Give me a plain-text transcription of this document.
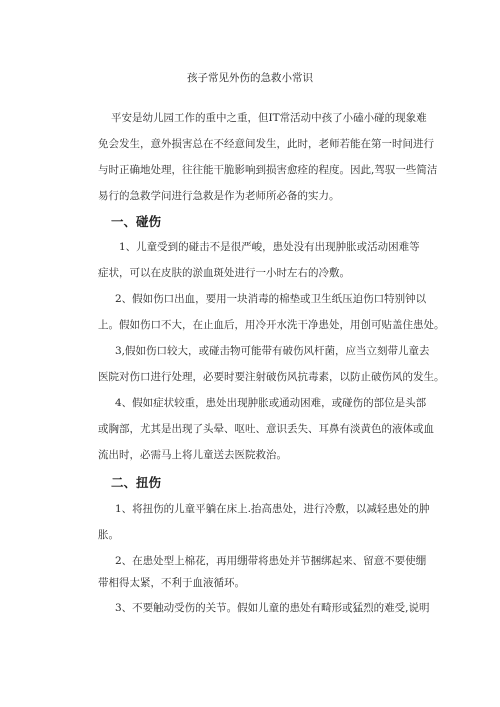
孩子常见外伤的急救小常识
平安是幼儿园工作的重中之重，但IT常活动中孩了小磕小碰的现象难
免会发生，意外损害总在不经意间发生，此时，老师若能在第一时间进行
与时正确地处理，往往能干脆影响到损害愈痊的程度。因此,驾驭一些简洁
易行的急救学问进行急救是作为老师所必备的实力。
一、碰伤
1、儿童受到的碰击不是很严峻，患处没有出现肿胀或活动困难等
症状，可以在皮肤的淤血斑处进行一小时左右的冷敷。
2、假如伤口出血，要用一块消毒的棉垫或卫生纸压迫伤口特别钟以
上。假如伤口不大，在止血后，用冷开水洗干净患处，用创可贴盖住患处。
3,假如伤口较大，或碰击物可能带有破伤风杆菌，应当立刻带儿童去
医院对伤口进行处理，必要时要注射破伤风抗毒素，以防止破伤风的发生。
4、假如症状较重，患处出现肿胀或通动困难，或碰伤的部位是头部
或胸部，尤其是出现了头晕、呕吐、意识丢失、耳鼻有淡黄色的液体或血
流出时，必需马上将儿童送去医院救治。
二、扭伤
1、将扭伤的儿童平躺在床上.抬高患处，进行冷敷，以减轻患处的肿
胀。
2、在患处型上棉花，再用绷带将患处并节捆绑起来、留意不要使绷
带相得太紧，不利于血液循环。
3、不要触动受伤的关节。假如儿童的患处有畸形或猛烈的难受,说明
